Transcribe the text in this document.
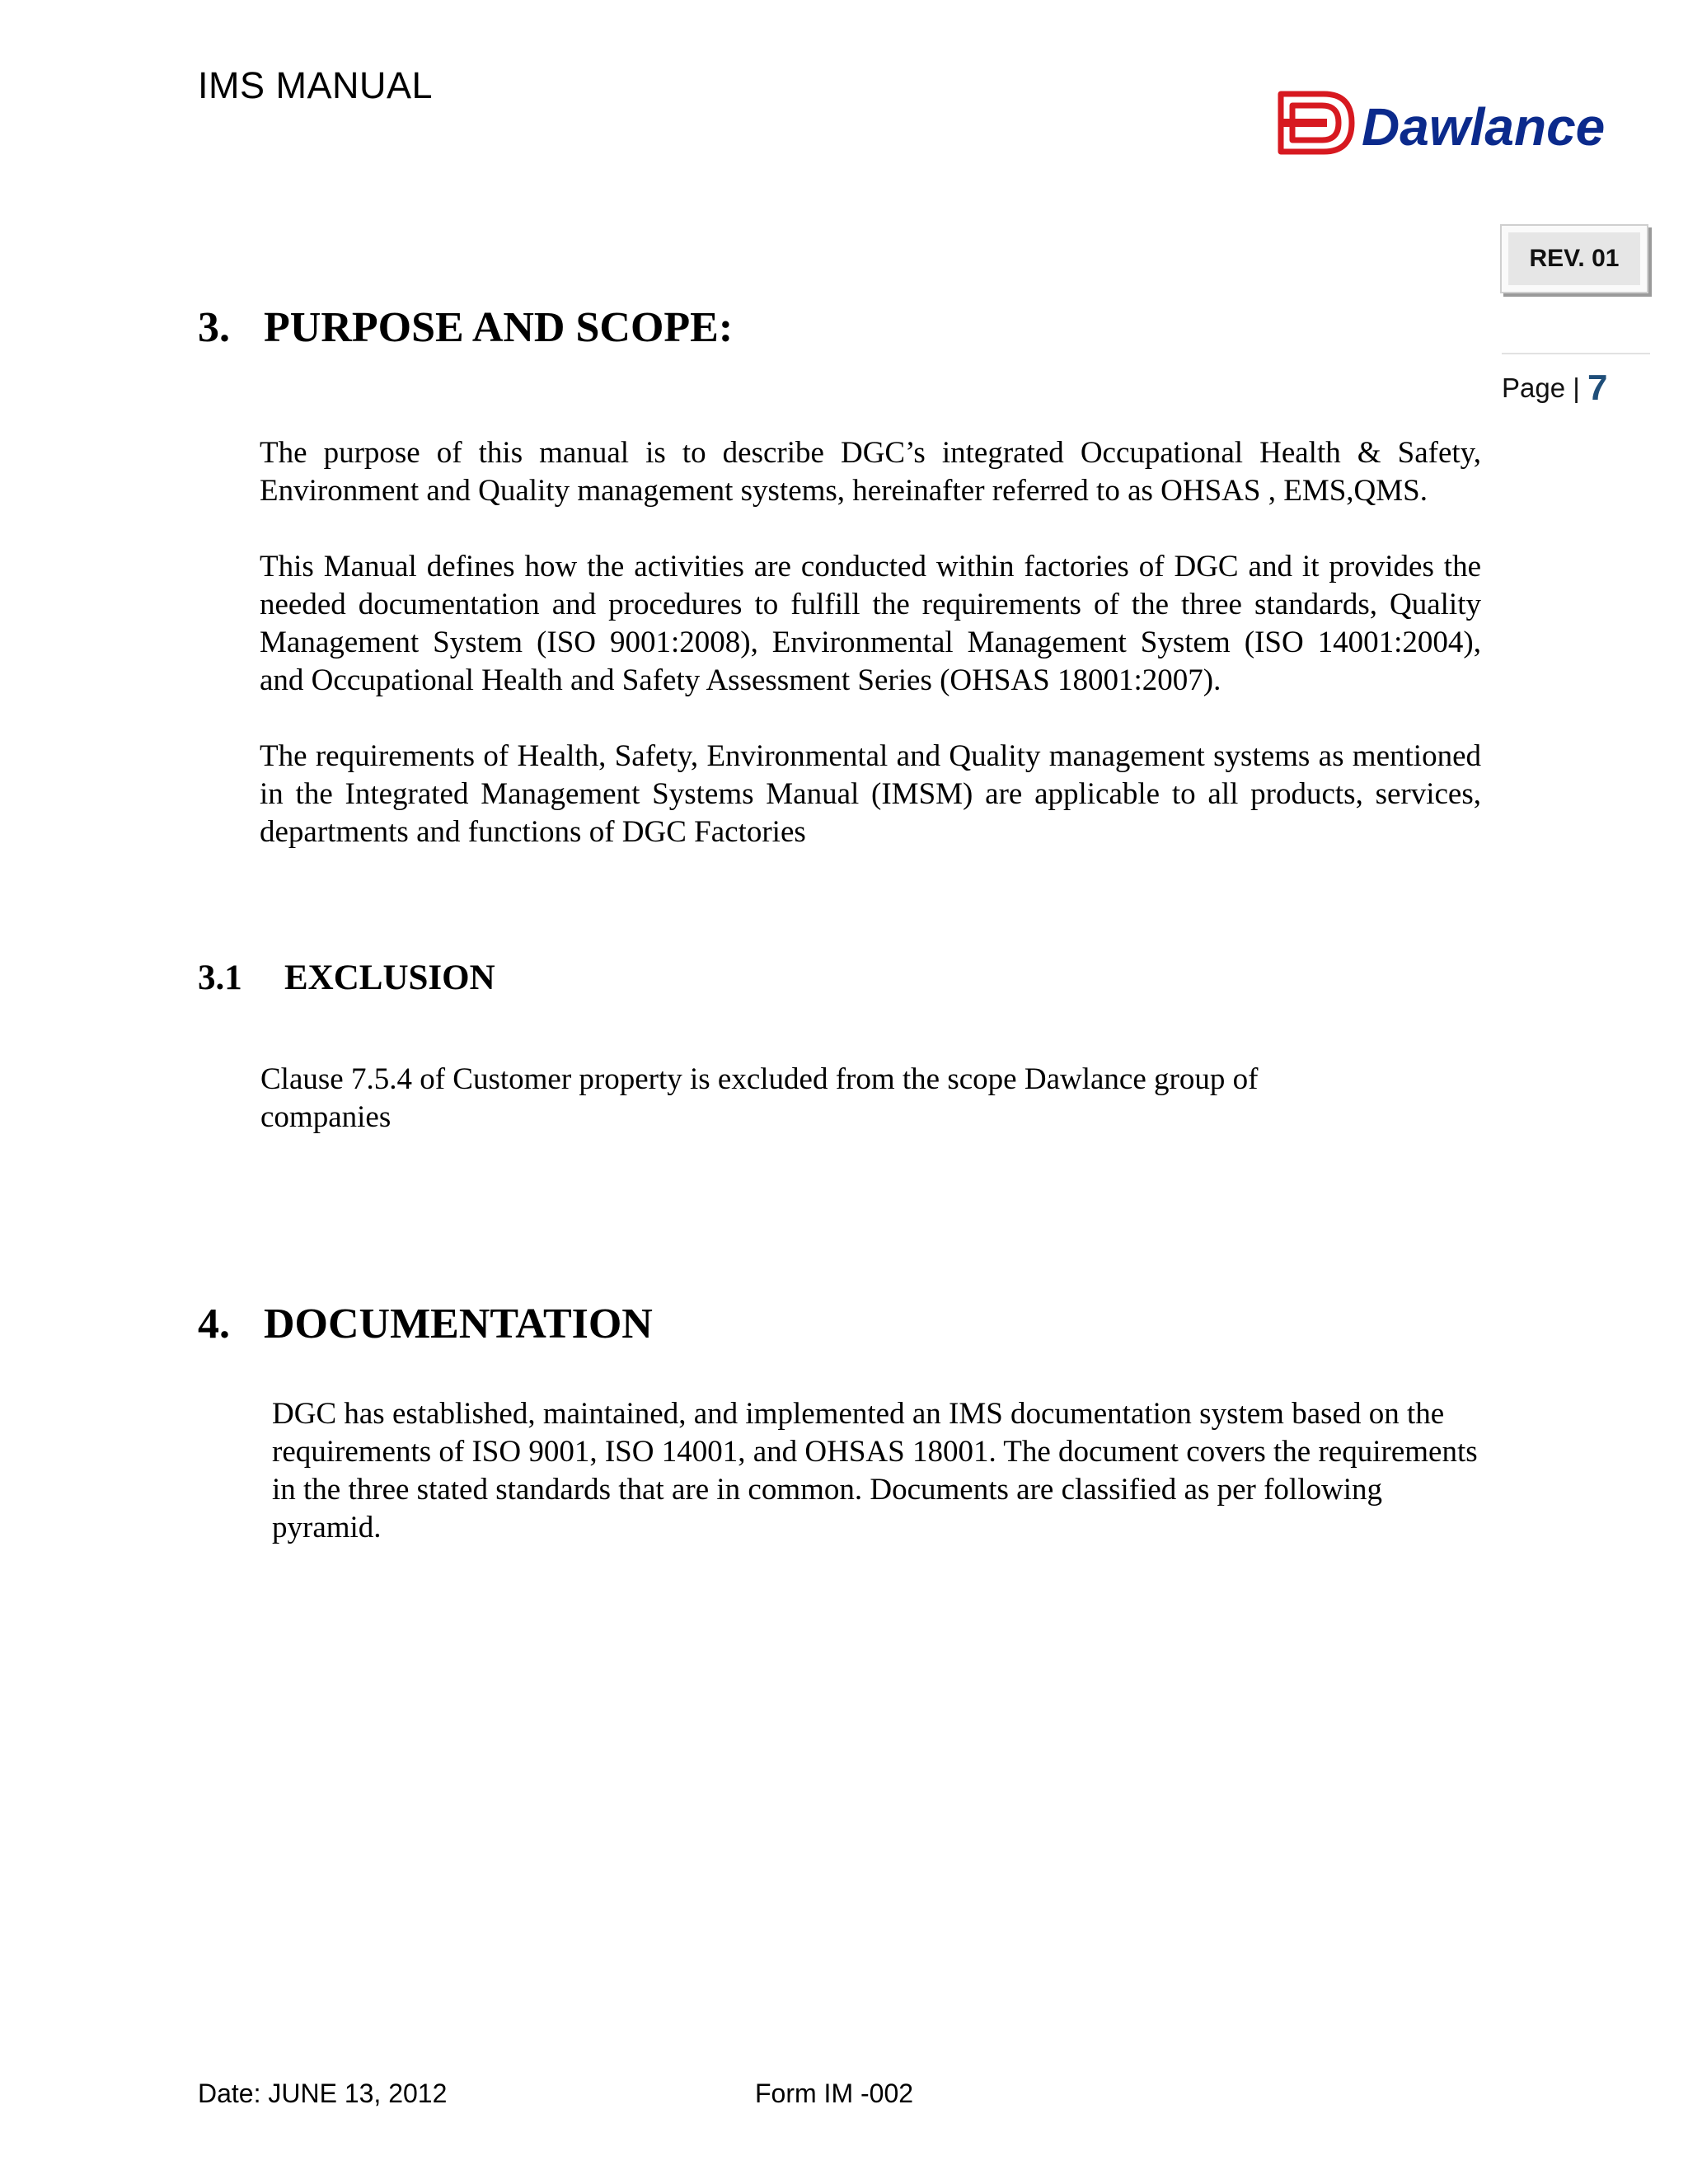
IMS MANUAL
Dawlance
REV. 01
Page | 7
3. PURPOSE AND SCOPE:

The purpose of this manual is to describe DGC’s integrated Occupational Health & Safety, Environment and Quality management systems, hereinafter referred to as OHSAS , EMS,QMS.

This Manual defines how the activities are conducted within factories of DGC and it provides the needed documentation and procedures to fulfill the requirements of the three standards, Quality Management System (ISO 9001:2008), Environmental Management System (ISO 14001:2004), and Occupational Health and Safety Assessment Series (OHSAS 18001:2007).

The requirements of Health, Safety, Environmental and Quality management systems as mentioned in the Integrated Management Systems Manual (IMSM) are applicable to all products, services, departments and functions of DGC Factories

3.1 EXCLUSION

Clause 7.5.4 of Customer property is excluded from the scope Dawlance group of companies

4. DOCUMENTATION

DGC has established, maintained, and implemented an IMS documentation system based on the requirements of ISO 9001, ISO 14001, and OHSAS 18001. The document covers the requirements in the three stated standards that are in common. Documents are classified as per following pyramid.

Date: JUNE 13, 2012	Form IM -002
